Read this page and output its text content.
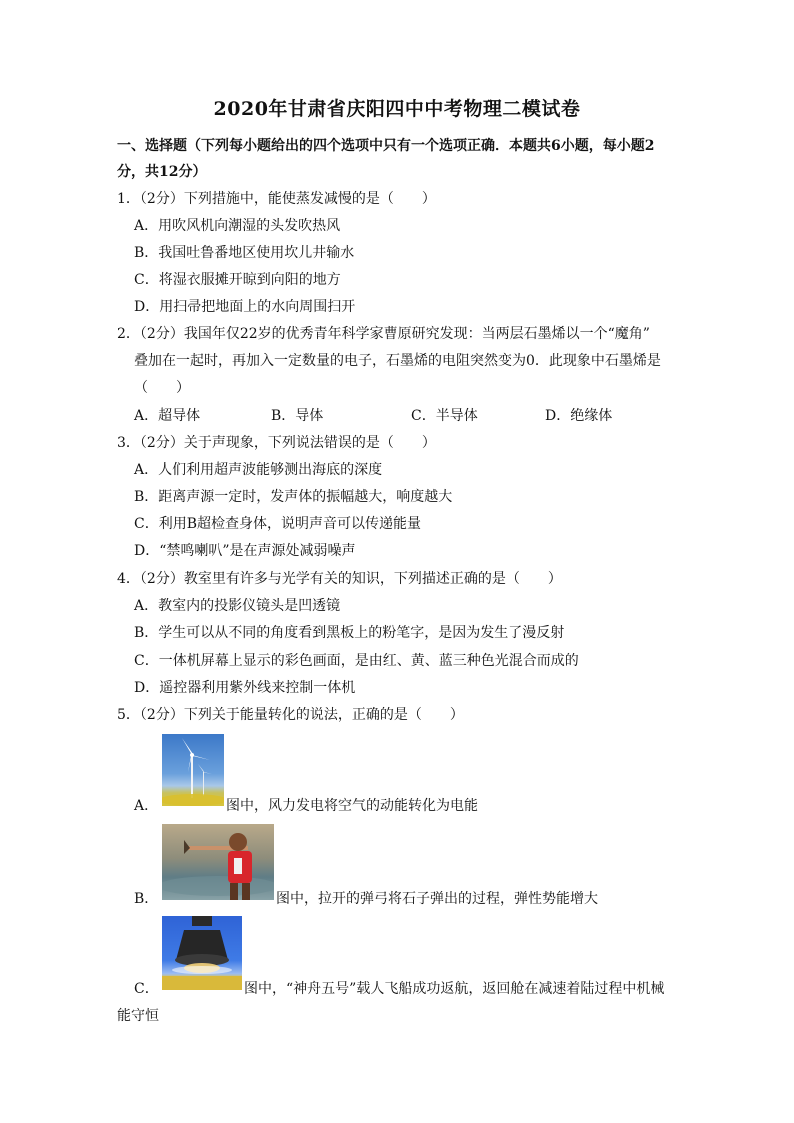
2020年甘肃省庆阳四中中考物理二模试卷
一、选择题（下列每小题给出的四个选项中只有一个选项正确．本题共6小题，每小题2
分，共12分）
1．（2分）下列措施中，能使蒸发减慢的是（　　）
A．用吹风机向潮湿的头发吹热风
B．我国吐鲁番地区使用坎儿井输水
C．将湿衣服摊开晾到向阳的地方
D．用扫帚把地面上的水向周围扫开
2．（2分）我国年仅22岁的优秀青年科学家曹原研究发现：当两层石墨烯以一个“魔角”
叠加在一起时，再加入一定数量的电子，石墨烯的电阻突然变为0．此现象中石墨烯是
（　　）
A．超导体	B．导体	C．半导体	D．绝缘体
3．（2分）关于声现象，下列说法错误的是（　　）
A．人们利用超声波能够测出海底的深度
B．距离声源一定时，发声体的振幅越大，响度越大
C．利用B超检查身体，说明声音可以传递能量
D．“禁鸣喇叭”是在声源处减弱噪声
4．（2分）教室里有许多与光学有关的知识，下列描述正确的是（　　）
A．教室内的投影仪镜头是凹透镜
B．学生可以从不同的角度看到黑板上的粉笔字，是因为发生了漫反射
C．一体机屏幕上显示的彩色画面，是由红、黄、蓝三种色光混合而成的
D．遥控器利用紫外线来控制一体机
5．（2分）下列关于能量转化的说法，正确的是（　　）
A．	图中，风力发电将空气的动能转化为电能
B．	图中，拉开的弹弓将石子弹出的过程，弹性势能增大
C．	图中，“神舟五号”载人飞船成功返航，返回舱在减速着陆过程中机械
能守恒
